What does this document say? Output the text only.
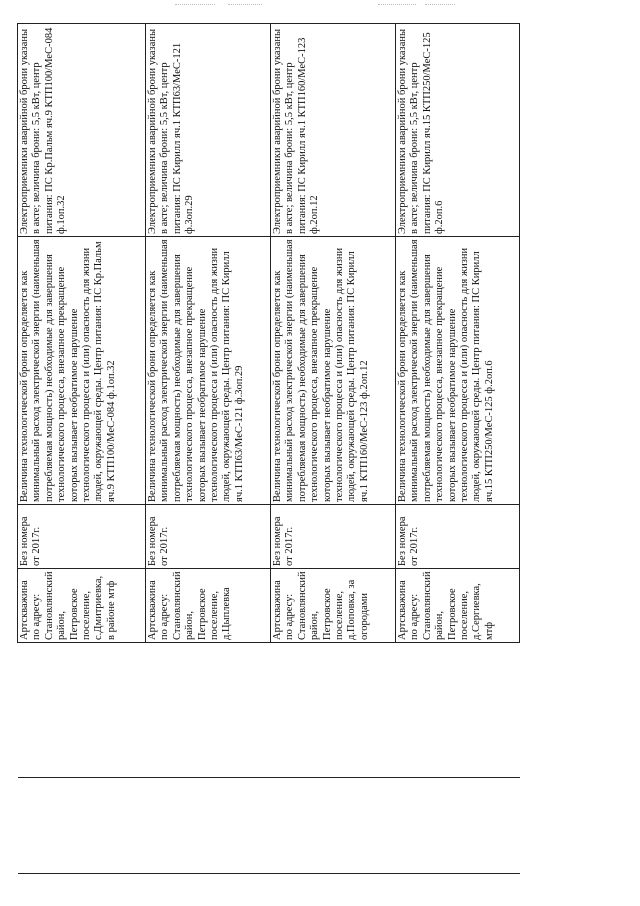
Артскважина по адресу: Становлянский район, Петровское поселение, с.Дмитриевка, в районе мтф
Без номера от 2017г.
Величина технологической брони определяется как минимальный расход электрической энергии (наименьшая потребляемая мощность) необходимые для завершения технологического процесса, внезапное прекращение которых вызывает необратимое нарушение технологического процесса и (или) опасность для жизни людей, окружающей среды. Центр питания: ПС Кр.Пальм яч.9 КТП100/МеС-084 ф.1оп.32
Электроприемники аварийной брони указаны в акте; величина брони: 5,5 кВт, центр питания: ПС Кр.Пальм яч.9 КТП100/МеС-084 ф.1оп.32
Артскважина по адресу: Становлянский район, Петровское поселение, д.Цыплевка
Без номера от 2017г.
Величина технологической брони определяется как минимальный расход электрической энергии (наименьшая потребляемая мощность) необходимые для завершения технологического процесса, внезапное прекращение которых вызывает необратимое нарушение технологического процесса и (или) опасность для жизни людей, окружающей среды. Центр питания: ПС Кирилл яч.1 КТП63/МеС-121 ф.3оп.29
Электроприемники аварийной брони указаны в акте; величина брони: 5,5 кВт, центр питания: ПС Кирилл яч.1 КТП63/МеС-121 ф.3оп.29
Артскважина по адресу: Становлянский район, Петровское поселение, д.Поповка, за огородами
Без номера от 2017г.
Величина технологической брони определяется как минимальный расход электрической энергии (наименьшая потребляемая мощность) необходимые для завершения технологического процесса, внезапное прекращение которых вызывает необратимое нарушение технологического процесса и (или) опасность для жизни людей, окружающей среды. Центр питания: ПС Кирилл яч.1 КТП160/МеС-123 ф.2оп.12
Электроприемники аварийной брони указаны в акте; величина брони: 5,5 кВт, центр питания: ПС Кирилл яч.1 КТП160/МеС-123 ф.2оп.12
Артскважина по адресу: Становлянский район, Петровское поселение, д.Сергиевка, мтф
Без номера от 2017г.
Величина технологической брони определяется как минимальный расход электрической энергии (наименьшая потребляемая мощность) необходимые для завершения технологического процесса, внезапное прекращение которых вызывает необратимое нарушение технологического процесса и (или) опасность для жизни людей, окружающей среды. Центр питания: ПС Кирилл яч.15 КТП250/МеС-125 ф.2оп.6
Электроприемники аварийной брони указаны в акте; величина брони: 5,5 кВт, центр питания: ПС Кирилл яч.15 КТП250/МеС-125 ф.2оп.6
